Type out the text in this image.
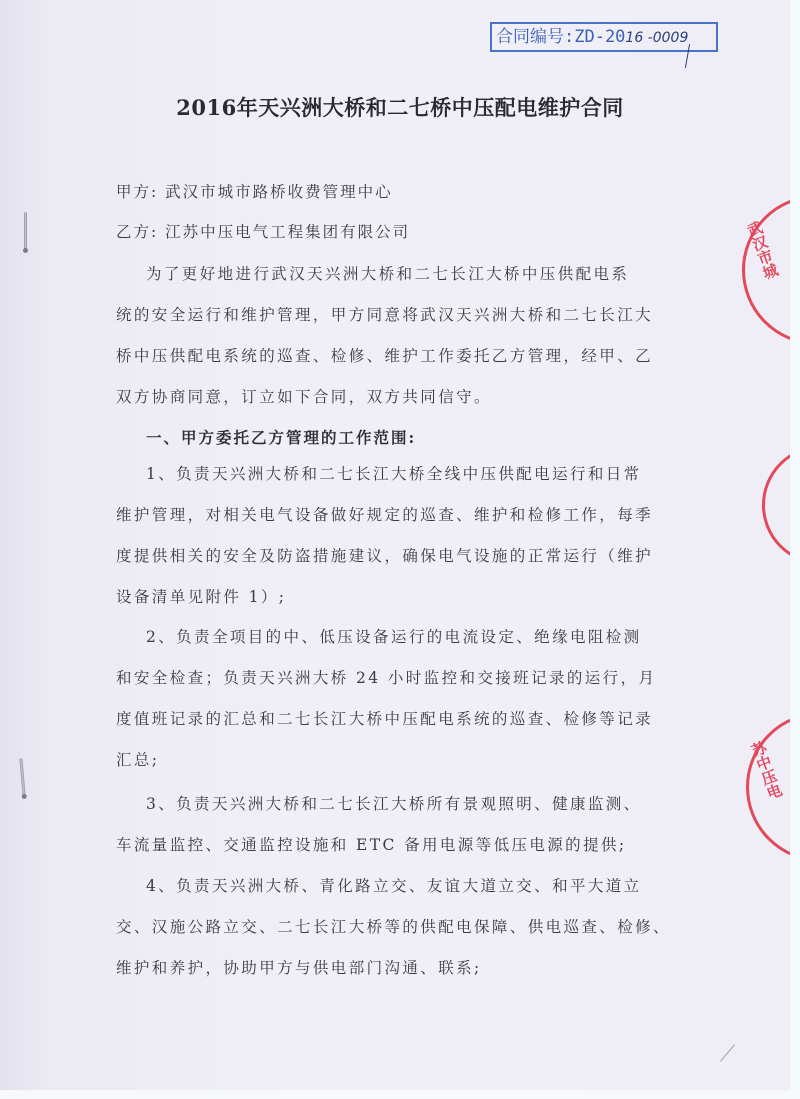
合同编号:ZD-2016 -0009
2016年天兴洲大桥和二七桥中压配电维护合同
甲方: 武汉市城市路桥收费管理中心
乙方: 江苏中压电气工程集团有限公司
为了更好地进行武汉天兴洲大桥和二七长江大桥中压供配电系
统的安全运行和维护管理，甲方同意将武汉天兴洲大桥和二七长江大
桥中压供配电系统的巡查、检修、维护工作委托乙方管理，经甲、乙
双方协商同意，订立如下合同，双方共同信守。
一、甲方委托乙方管理的工作范围:
1、负责天兴洲大桥和二七长江大桥全线中压供配电运行和日常
维护管理，对相关电气设备做好规定的巡查、维护和检修工作，每季
度提供相关的安全及防盗措施建议，确保电气设施的正常运行（维护
设备清单见附件 1）;
2、负责全项目的中、低压设备运行的电流设定、绝缘电阻检测
和安全检查；负责天兴洲大桥 24 小时监控和交接班记录的运行，月
度值班记录的汇总和二七长江大桥中压配电系统的巡查、检修等记录
汇总;
3、负责天兴洲大桥和二七长江大桥所有景观照明、健康监测、
车流量监控、交通监控设施和 ETC 备用电源等低压电源的提供;
4、负责天兴洲大桥、青化路立交、友谊大道立交、和平大道立
交、汉施公路立交、二七长江大桥等的供配电保障、供电巡查、检修、
维护和养护，协助甲方与供电部门沟通、联系;
武汉市城
苏中压电
